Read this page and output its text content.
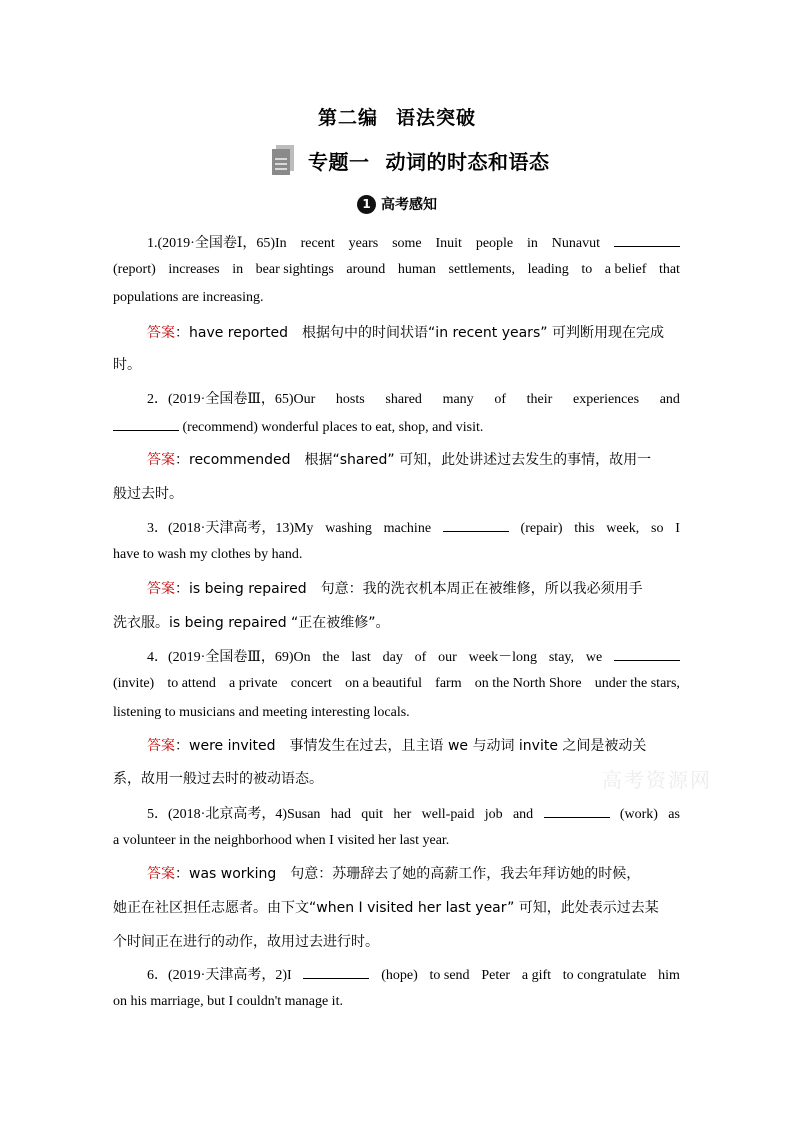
第二编 语法突破
专题一 动词的时态和语态
1 高考感知
1.(2019·全国卷Ⅰ，65)In recent years some Inuit people in Nunavut
(report) increases in bear sightings around human settlements, leading to a belief that
populations are increasing.
答案 ：have reported　根据句中的时间状语“in recent years” 可判断用现在完成
时。
2．(2019·全国卷Ⅲ，65)Our hosts shared many of their experiences and

(recommend) wonderful places to eat, shop, and visit.
答案 ：recommended　根据“shared” 可知，此处讲述过去发生的事情，故用一
般过去时。
3．(2018·天津高考，13)My washing machine	(repair) this week, so I
have to wash my clothes by hand.
答案 ：is being repaired　句意：我的洗衣机本周正在被维修，所以我必须用手
洗衣服。is being repaired “正在被维修”。
4．(2019·全国卷Ⅲ，69)On the last day of our week－long stay, we
(invite) to attend a private concert on a beautiful farm on the North Shore under the stars,
listening to musicians and meeting interesting locals.
答案 ：were invited　事情发生在过去，且主语 we 与动词 invite 之间是被动关
系，故用一般过去时的被动语态。	高考资源网
5．(2018·北京高考，4)Susan had quit her well-paid job and	(work) as
a volunteer in the neighborhood when I visited her last year.
答案 ：was working　句意：苏珊辞去了她的高薪工作，我去年拜访她的时候，
她正在社区担任志愿者。由下文“when I visited her last year” 可知，此处表示过去某
个时间正在进行的动作，故用过去进行时。
6．(2019·天津高考，2)I	(hope) to send Peter a gift to congratulate him
on his marriage, but I couldn't manage it.
